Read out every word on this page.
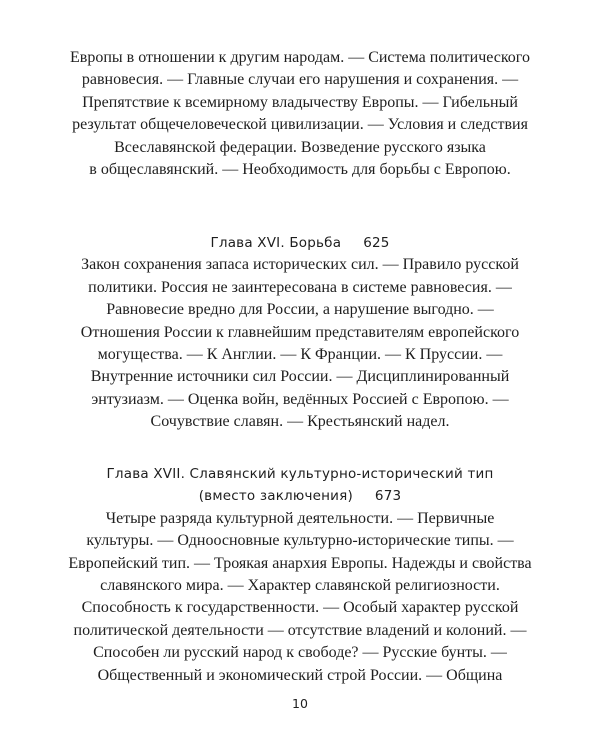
Европы в отношении к другим народам. — Система политического
равновесия. — Главные случаи его нарушения и сохранения. —
Препятствие к всемирному владычеству Европы. — Гибельный
результат общечеловеческой цивилизации. — Условия и следствия
Всеславянской федерации. Возведение русского языка
в общеславянский. — Необходимость для борьбы с Европою.
Глава XVI. Борьба 625
Закон сохранения запаса исторических сил. — Правило русской
политики. Россия не заинтересована в системе равновесия. —
Равновесие вредно для России, а нарушение выгодно. —
Отношения России к главнейшим представителям европейского
могущества. — К Англии. — К Франции. — К Пруссии. —
Внутренние источники сил России. — Дисциплинированный
энтузиазм. — Оценка войн, ведённых Россией с Европою. —
Сочувствие славян. — Крестьянский надел.
Глава XVII. Славянский культурно-исторический тип
(вместо заключения) 673
Четыре разряда культурной деятельности. — Первичные
культуры. — Одноосновные культурно-исторические типы. —
Европейский тип. — Троякая анархия Европы. Надежды и свойства
славянского мира. — Характер славянской религиозности.
Способность к государственности. — Особый характер русской
политической деятельности — отсутствие владений и колоний. —
Способен ли русский народ к свободе? — Русские бунты. —
Общественный и экономический строй России. — Община
10
